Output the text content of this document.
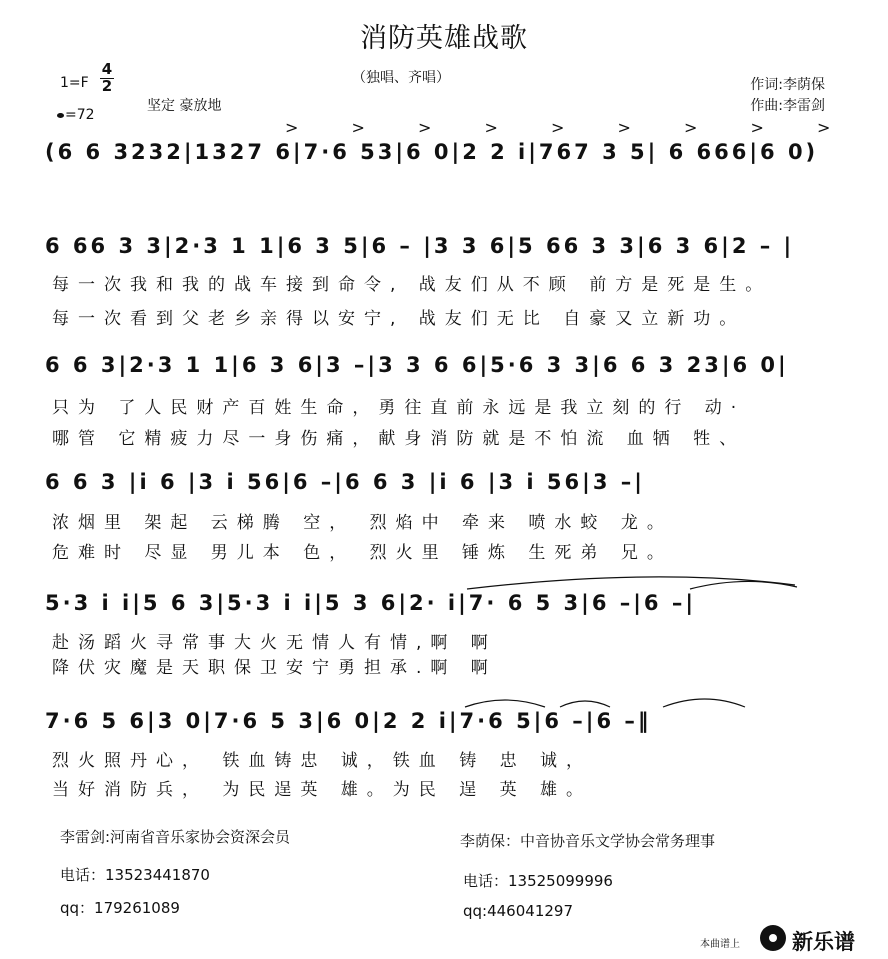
消防英雄战歌
（独唱、齐唱）
$1=F \frac{4}{2}$
=72
坚定 豪放地
作词:李荫保
作曲:李雷剑
> > > > > > > > >
(6 6 3232|1327 6|7·6 53|6 0|2 2 i|767 3 5| 6 666|6 0)
6 66 3 3|2·3 1 1|6 3 5|6 – |3 3 6|5 66 3 3|6 3 6|2 – |
每一次我和我的战车接到命令, 战友们从不顾 前方是死是生。
每一次看到父老乡亲得以安宁, 战友们无比 自豪又立新功。
6 6 3|2·3 1 1|6 3 6|3 –|3 3 6 6|5·6 3 3|6 6 3 23|6 0|
只为 了人民财产百姓生命，勇往直前永远是我立刻的行 动·
哪管 它精疲力尽一身伤痛，献身消防就是不怕流 血牺 牲、
6 6 3 |i 6 |3 i 56|6 –|6 6 3 |i 6 |3 i 56|3 –|
浓烟里 架起 云梯腾 空， 烈焰中 牵来 喷水蛟 龙。
危难时 尽显 男儿本 色， 烈火里 锤炼 生死弟 兄。
5·3 i i|5 6 3|5·3 i i|5 3 6|2· i|7· 6 5 3|6 –|6 –|
赴汤蹈火寻常事大火无情人有情,啊 啊
降伏灾魔是天职保卫安宁勇担承.啊 啊
7·6 5 6|3 0|7·6 5 3|6 0|2 2 i|7·6 5|6 –|6 –‖
烈火照丹心， 铁血铸忠 诚，铁血 铸 忠 诚，
当好消防兵， 为民逞英 雄。为民 逞 英 雄。
李雷剑:河南省音乐家协会资深会员
电话：13523441870
qq：179261089
李荫保：中音协音乐文学协会常务理事
电话：13525099996
qq:446041297
本曲谱上 新乐谱
